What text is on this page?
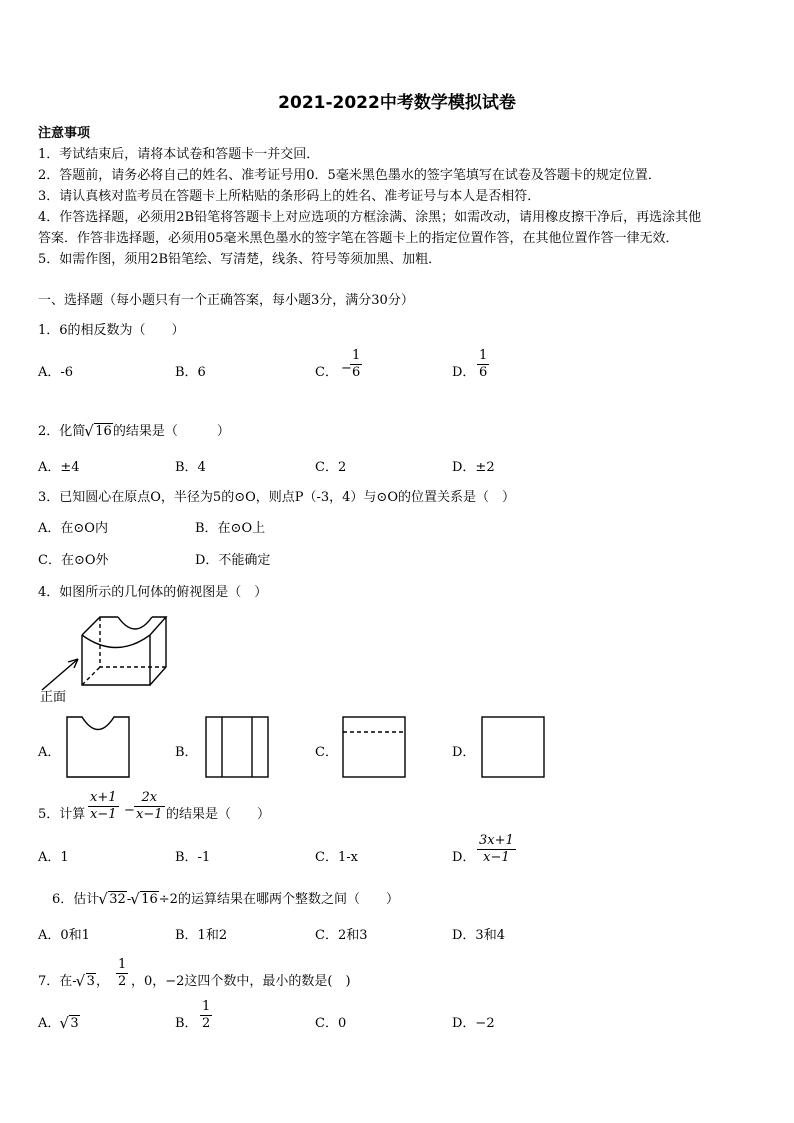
2021-2022中考数学模拟试卷
注意事项
1．考试结束后，请将本试卷和答题卡一并交回．
2．答题前，请务必将自己的姓名、准考证号用0．5毫米黑色墨水的签字笔填写在试卷及答题卡的规定位置．
3．请认真核对监考员在答题卡上所粘贴的条形码上的姓名、准考证号与本人是否相符．
4．作答选择题，必须用2B铅笔将答题卡上对应选项的方框涂满、涂黑；如需改动，请用橡皮擦干净后，再选涂其他
答案．作答非选择题，必须用05毫米黑色墨水的签字笔在答题卡上的指定位置作答，在其他位置作答一律无效．
5．如需作图，须用2B铅笔绘、写清楚，线条、符号等须加黑、加粗．
一、选择题（每小题只有一个正确答案，每小题3分，满分30分）
1．6的相反数为（　　）
A．-6	B．6	C． −
$\frac{1}{6}$	D． $\frac{1}{6}$
2．化简 √ 16的结果是（　　　）
A．±4	B．4	C．2	D．±2
3．已知圆心在原点O，半径为5的⊙O，则点P（-3，4）与⊙O的位置关系是（　）
A．在⊙O内	B．在⊙O上
C．在⊙O外	D．不能确定
4．如图所示的几何体的俯视图是（　）
正面
A．	B．	C．	D．
5．计算 $\frac{x+1}{x-1} - \frac{2x}{x-1}$ 的结果是（　　）
A．1	B．-1	C．1-x	D． $\frac{3x+1}{x-1}$
6．估计 √ 32- √ 16÷2的运算结果在哪两个整数之间（　　）
A．0和1	B．1和2	C．2和3	D．3和4
7．在- √ 3， $\frac{1}{2}$ ，0，−2这四个数中，最小的数是(　)
A． √ 3	B． $\frac{1}{2}$	C．0	D．−2
